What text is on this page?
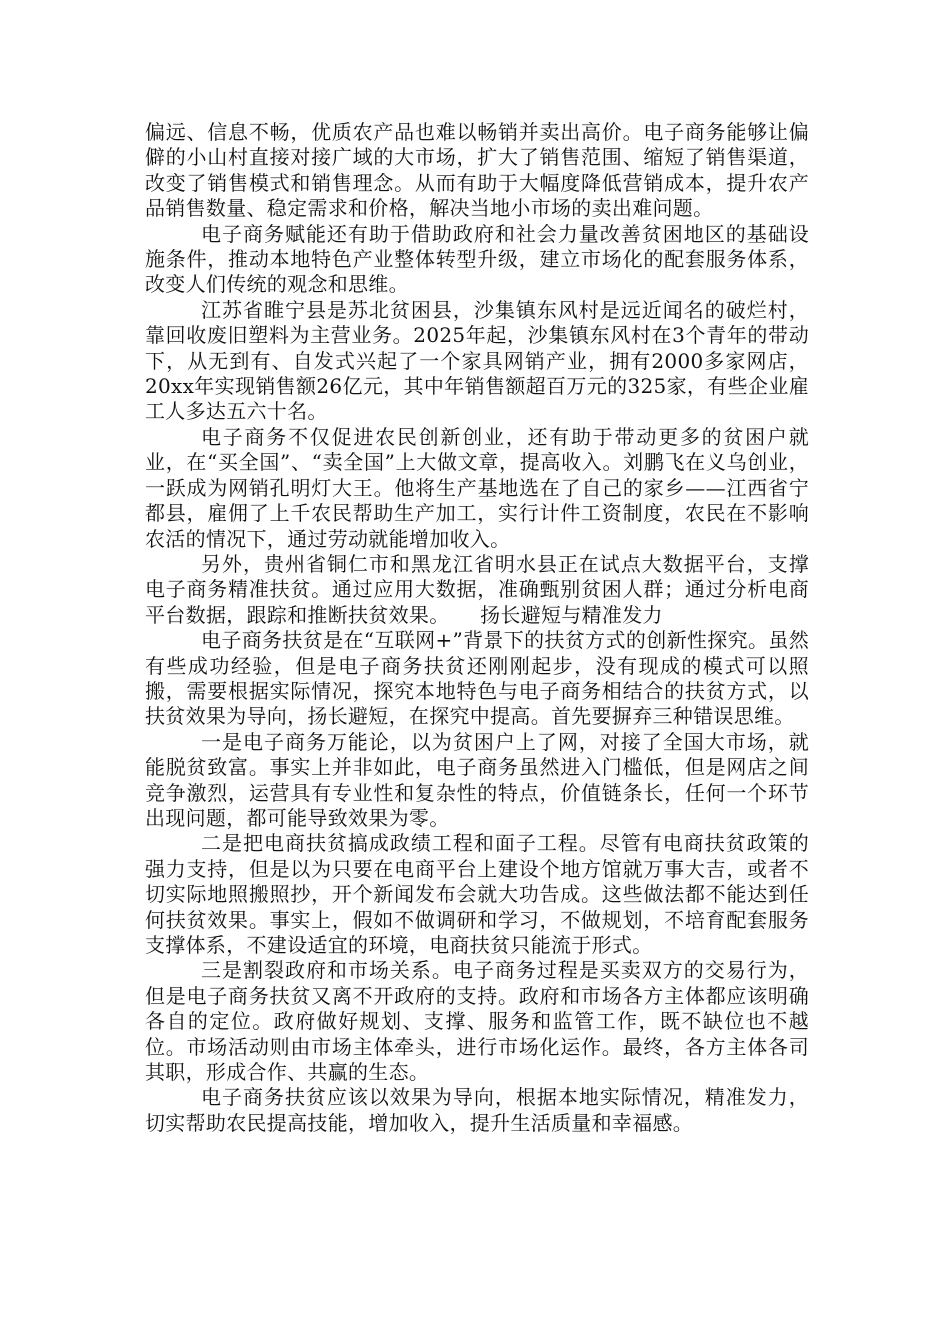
偏远、信息不畅，优质农产品也难以畅销并卖出高价。电子商务能够让偏僻的小山村直接对接广域的大市场，扩大了销售范围、缩短了销售渠道，改变了销售模式和销售理念。从而有助于大幅度降低营销成本，提升农产品销售数量、稳定需求和价格，解决当地小市场的卖出难问题。

电子商务赋能还有助于借助政府和社会力量改善贫困地区的基础设施条件，推动本地特色产业整体转型升级，建立市场化的配套服务体系，改变人们传统的观念和思维。

江苏省睢宁县是苏北贫困县，沙集镇东风村是远近闻名的破烂村，靠回收废旧塑料为主营业务。2025年起，沙集镇东风村在3个青年的带动下，从无到有、自发式兴起了一个家具网销产业，拥有2000多家网店，20xx年实现销售额26亿元，其中年销售额超百万元的325家，有些企业雇工人多达五六十名。

电子商务不仅促进农民创新创业，还有助于带动更多的贫困户就业，在“买全国”、“卖全国”上大做文章，提高收入。刘鹏飞在义乌创业，一跃成为网销孔明灯大王。他将生产基地选在了自己的家乡——江西省宁都县，雇佣了上千农民帮助生产加工，实行计件工资制度，农民在不影响农活的情况下，通过劳动就能增加收入。

另外，贵州省铜仁市和黑龙江省明水县正在试点大数据平台，支撑电子商务精准扶贫。通过应用大数据，准确甄别贫困人群；通过分析电商平台数据，跟踪和推断扶贫效果。　　扬长避短与精准发力

电子商务扶贫是在“互联网+”背景下的扶贫方式的创新性探究。虽然有些成功经验，但是电子商务扶贫还刚刚起步，没有现成的模式可以照搬，需要根据实际情况，探究本地特色与电子商务相结合的扶贫方式，以扶贫效果为导向，扬长避短，在探究中提高。首先要摒弃三种错误思维。

一是电子商务万能论，以为贫困户上了网，对接了全国大市场，就能脱贫致富。事实上并非如此，电子商务虽然进入门槛低，但是网店之间竞争激烈，运营具有专业性和复杂性的特点，价值链条长，任何一个环节出现问题，都可能导致效果为零。

二是把电商扶贫搞成政绩工程和面子工程。尽管有电商扶贫政策的强力支持，但是以为只要在电商平台上建设个地方馆就万事大吉，或者不切实际地照搬照抄，开个新闻发布会就大功告成。这些做法都不能达到任何扶贫效果。事实上，假如不做调研和学习，不做规划，不培育配套服务支撑体系，不建设适宜的环境，电商扶贫只能流于形式。

三是割裂政府和市场关系。电子商务过程是买卖双方的交易行为，但是电子商务扶贫又离不开政府的支持。政府和市场各方主体都应该明确各自的定位。政府做好规划、支撑、服务和监管工作，既不缺位也不越位。市场活动则由市场主体牵头，进行市场化运作。最终，各方主体各司其职，形成合作、共赢的生态。

电子商务扶贫应该以效果为导向，根据本地实际情况，精准发力，切实帮助农民提高技能，增加收入，提升生活质量和幸福感。
